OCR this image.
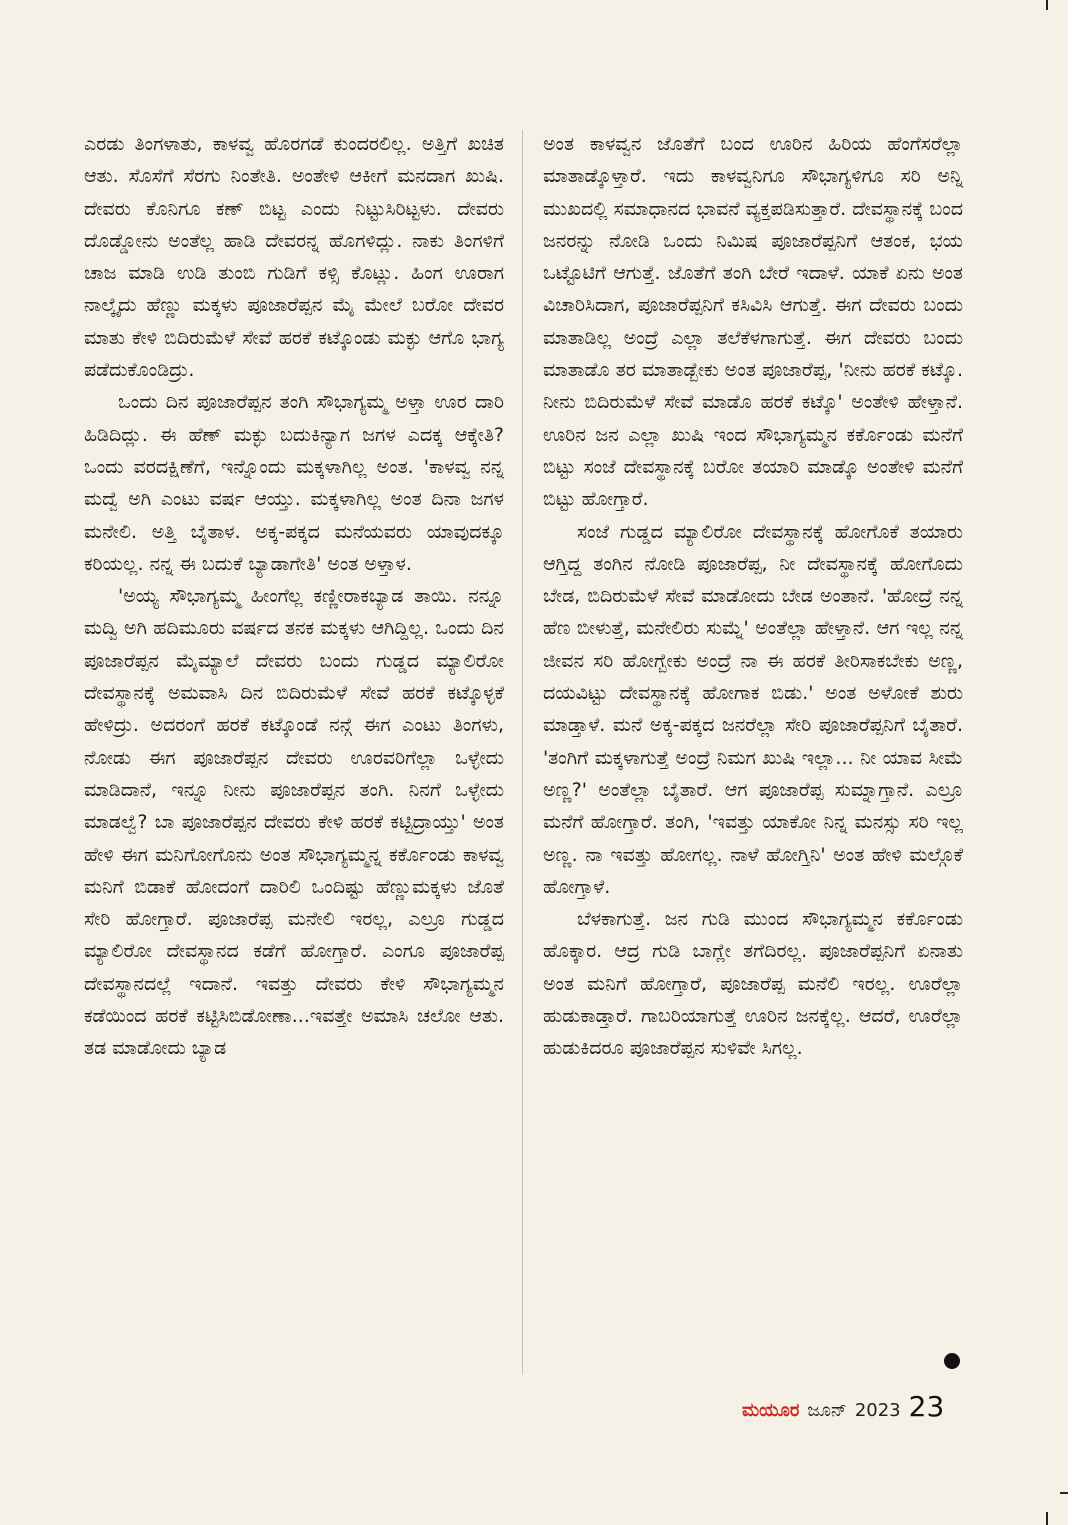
ಎರಡು ತಿಂಗಳಾತು, ಕಾಳವ್ವ ಹೊರಗಡೆ ಕುಂದರಲಿಲ್ಲ. ಅತ್ತಿಗೆ ಖಚಿತ ಆತು. ಸೊಸೆಗೆ ಸೆರಗು ನಿಂತೇತಿ. ಅಂತೇಳಿ ಆಕೀಗೆ ಮನದಾಗ ಖುಷಿ. ದೇವರು ಕೊನಿಗೂ ಕಣ್ ಬಿಟ್ಟ ಎಂದು ನಿಟ್ಟುಸಿರಿಟ್ಟಳು. ದೇವರು ದೊಡ್ಡೋನು ಅಂತೆಲ್ಲ ಹಾಡಿ ದೇವರನ್ನ ಹೊಗಳಿದ್ಲು. ನಾಕು ತಿಂಗಳಿಗೆ ಚಾಜ ಮಾಡಿ ಉಡಿ ತುಂಬಿ ಗುಡಿಗೆ ಕಳ್ಸಿ ಕೊಟ್ಲು. ಹಿಂಗ ಊರಾಗ ನಾಲ್ಕೈದು ಹೆಣ್ಣು ಮಕ್ಕಳು ಪೂಜಾರೆಪ್ಪನ ಮೈ ಮೇಲೆ ಬರೋ ದೇವರ ಮಾತು ಕೇಳಿ ಬಿದಿರುಮೆಳೆ ಸೇವೆ ಹರಕೆ ಕಟ್ಕೊಂಡು ಮಕ್ಳು ಆಗೊ ಭಾಗ್ಯ ಪಡೆದುಕೊಂಡಿದ್ರು.

ಒಂದು ದಿನ ಪೂಜಾರೆಪ್ಪನ ತಂಗಿ ಸೌಭಾಗ್ಯಮ್ಮ ಅಳ್ತಾ ಊರ ದಾರಿ ಹಿಡಿದಿದ್ಲು. ಈ ಹೆಣ್ ಮಕ್ಳು ಬದುಕಿನ್ಯಾಗ ಜಗಳ ಎದಕ್ಕ ಆಕ್ಕೇತಿ? ಒಂದು ವರದಕ್ಷಿಣೆಗೆ, ಇನ್ನೊಂದು ಮಕ್ಕಳಾಗಿಲ್ಲ ಅಂತ. 'ಕಾಳವ್ವ ನನ್ನ ಮದ್ವೆ ಅಗಿ ಎಂಟು ವರ್ಷ ಆಯ್ತು. ಮಕ್ಕಳಾಗಿಲ್ಲ ಅಂತ ದಿನಾ ಜಗಳ ಮನೇಲಿ. ಅತ್ತಿ ಬೈತಾಳ. ಅಕ್ಕ-ಪಕ್ಕದ ಮನೆಯವರು ಯಾವುದಕ್ಕೂ ಕರಿಯಲ್ಲ. ನನ್ನ ಈ ಬದುಕೆ ಬ್ಯಾಡಾಗೇತಿ' ಅಂತ ಅಳ್ತಾಳ.

'ಅಯ್ಯ ಸೌಭಾಗ್ಯಮ್ಮ ಹೀಂಗೆಲ್ಲ ಕಣ್ಣೀರಾಕಬ್ಯಾಡ ತಾಯಿ. ನನ್ನೂ ಮದ್ವಿ ಅಗಿ ಹದಿಮೂರು ವರ್ಷದ ತನಕ ಮಕ್ಕಳು ಆಗಿದ್ದಿಲ್ಲ. ಒಂದು ದಿನ ಪೂಜಾರೆಪ್ಪನ ಮೈಮ್ಯಾಲೆ ದೇವರು ಬಂದು ಗುಡ್ಡದ ಮ್ಯಾಲಿರೋ ದೇವಸ್ಥಾನಕ್ಕೆ ಅಮವಾಸಿ ದಿನ ಬಿದಿರುಮೆಳೆ ಸೇವೆ ಹರಕೆ ಕಟ್ಕೊಳ್ಳಕೆ ಹೇಳಿದ್ರು. ಅದರಂಗೆ ಹರಕೆ ಕಟ್ಕೊಂಡೆ ನನ್ಗೆ ಈಗ ಎಂಟು ತಿಂಗಳು, ನೋಡು ಈಗ ಪೂಜಾರೆಪ್ಪನ ದೇವರು ಊರವರಿಗೆಲ್ಲಾ ಒಳ್ಳೇದು ಮಾಡಿದಾನೆ, ಇನ್ನೂ ನೀನು ಪೂಜಾರೆಪ್ಪನ ತಂಗಿ. ನಿನಗೆ ಒಳ್ಳೇದು ಮಾಡಲ್ವೆ? ಬಾ ಪೂಜಾರೆಪ್ಪನ ದೇವರು ಕೇಳಿ ಹರಕೆ ಕಟ್ಟಿದ್ರಾಯ್ತು' ಅಂತ ಹೇಳಿ ಈಗ ಮನಿಗೋಗೊನು ಅಂತ ಸೌಭಾಗ್ಯಮ್ಮನ್ನ ಕರ್ಕೊಂಡು ಕಾಳವ್ವ ಮನಿಗೆ ಬಿಡಾಕೆ ಹೋದಂಗೆ ದಾರಿಲಿ ಒಂದಿಷ್ಟು ಹೆಣ್ಣುಮಕ್ಕಳು ಜೊತೆ ಸೇರಿ ಹೋಗ್ತಾರೆ. ಪೂಜಾರೆಪ್ಪ ಮನೇಲಿ ಇರಲ್ಲ, ಎಲ್ರೂ ಗುಡ್ಡದ ಮ್ಯಾಲಿರೋ ದೇವಸ್ಥಾನದ ಕಡೆಗೆ ಹೋಗ್ತಾರೆ. ಎಂಗೂ ಪೂಜಾರೆಪ್ಪ ದೇವಸ್ಥಾನದಲ್ಲೆ ಇದಾನೆ. ಇವತ್ತು ದೇವರು ಕೇಳಿ ಸೌಭಾಗ್ಯಮ್ಮನ ಕಡೆಯಿಂದ ಹರಕೆ ಕಟ್ಟಿಸಿಬಿಡೋಣಾ...ಇವತ್ತೇ ಅಮಾಸಿ ಚಲೋ ಆತು. ತಡ ಮಾಡೋದು ಬ್ಯಾಡ

ಅಂತ ಕಾಳವ್ವನ ಜೊತೆಗೆ ಬಂದ ಊರಿನ ಹಿರಿಯ ಹೆಂಗೆಸರೆಲ್ಲಾ ಮಾತಾಡ್ಕೊಳ್ತಾರೆ. ಇದು ಕಾಳವ್ವನಿಗೂ ಸೌಭಾಗ್ಯಳಿಗೂ ಸರಿ ಅನ್ನಿ ಮುಖದಲ್ಲಿ ಸಮಾಧಾನದ ಭಾವನೆ ವ್ಯಕ್ತಪಡಿಸುತ್ತಾರೆ. ದೇವಸ್ಥಾನಕ್ಕೆ ಬಂದ ಜನರನ್ನು ನೋಡಿ ಒಂದು ನಿಮಿಷ ಪೂಜಾರೆಪ್ಪನಿಗೆ ಆತಂಕ, ಭಯ ಒಟ್ಟೊಟಿಗೆ ಆಗುತ್ತೆ. ಜೊತೆಗೆ ತಂಗಿ ಬೇರೆ ಇದಾಳೆ. ಯಾಕೆ ಏನು ಅಂತ ವಿಚಾರಿಸಿದಾಗ, ಪೂಜಾರೆಪ್ಪನಿಗೆ ಕಸಿವಿಸಿ ಆಗುತ್ತೆ. ಈಗ ದೇವರು ಬಂದು ಮಾತಾಡಿಲ್ಲ ಅಂದ್ರೆ ಎಲ್ಲಾ ತಲೆಕೆಳಗಾಗುತ್ತೆ. ಈಗ ದೇವರು ಬಂದು ಮಾತಾಡೊ ತರ ಮಾತಾಡ್ಬೇಕು ಅಂತ ಪೂಜಾರೆಪ್ಪ, 'ನೀನು ಹರಕೆ ಕಟ್ಕೊ. ನೀನು ಬಿದಿರುಮೆಳೆ ಸೇವೆ ಮಾಡೊ ಹರಕೆ ಕಟ್ಕೊ' ಅಂತೇಳಿ ಹೇಳ್ತಾನೆ. ಊರಿನ ಜನ ಎಲ್ಲಾ ಖುಷಿ ಇಂದ ಸೌಭಾಗ್ಯಮ್ಮನ ಕರ್ಕೊಂಡು ಮನೆಗೆ ಬಿಟ್ಟು ಸಂಜೆ ದೇವಸ್ಥಾನಕ್ಕೆ ಬರೋ ತಯಾರಿ ಮಾಡ್ಕೊ ಅಂತೇಳಿ ಮನೆಗೆ ಬಿಟ್ಟು ಹೋಗ್ತಾರೆ.

ಸಂಜೆ ಗುಡ್ಡದ ಮ್ಯಾಲಿರೋ ದೇವಸ್ಥಾನಕ್ಕೆ ಹೋಗೊಕೆ ತಯಾರು ಆಗ್ತಿದ್ದ ತಂಗಿನ ನೋಡಿ ಪೂಜಾರೆಪ್ಪ, ನೀ ದೇವಸ್ಥಾನಕ್ಕೆ ಹೋಗೊದು ಬೇಡ, ಬಿದಿರುಮೆಳೆ ಸೇವೆ ಮಾಡೋದು ಬೇಡ ಅಂತಾನೆ. 'ಹೋದ್ರೆ ನನ್ನ ಹೆಣ ಬೀಳುತ್ತೆ, ಮನೇಲಿರು ಸುಮ್ನೆ' ಅಂತೆಲ್ಲಾ ಹೇಳ್ತಾನೆ. ಆಗ ಇಲ್ಲ ನನ್ನ ಜೀವನ ಸರಿ ಹೋಗ್ಬೇಕು ಅಂದ್ರೆ ನಾ ಈ ಹರಕೆ ತೀರಿಸಾಕಬೇಕು ಅಣ್ಣ, ದಯವಿಟ್ಟು ದೇವಸ್ಥಾನಕ್ಕೆ ಹೋಗಾಕ ಬಿಡು.' ಅಂತ ಅಳೋಕೆ ಶುರು ಮಾಡ್ತಾಳೆ. ಮನೆ ಅಕ್ಕ-ಪಕ್ಕದ ಜನರೆಲ್ಲಾ ಸೇರಿ ಪೂಜಾರೆಪ್ಪನಿಗೆ ಬೈತಾರೆ. 'ತಂಗಿಗೆ ಮಕ್ಕಳಾಗುತ್ತೆ ಅಂದ್ರೆ ನಿಮಗ ಖುಷಿ ಇಲ್ಲಾ... ನೀ ಯಾವ ಸೀಮೆ ಅಣ್ಣ?' ಅಂತೆಲ್ಲಾ ಬೈತಾರೆ. ಆಗ ಪೂಜಾರೆಪ್ಪ ಸುಮ್ನಾಗ್ತಾನೆ. ಎಲ್ರೂ ಮನೆಗೆ ಹೋಗ್ತಾರೆ. ತಂಗಿ, 'ಇವತ್ತು ಯಾಕೋ ನಿನ್ನ ಮನಸ್ಸು ಸರಿ ಇಲ್ಲ ಅಣ್ಣ. ನಾ ಇವತ್ತು ಹೋಗಲ್ಲ. ನಾಳೆ ಹೋಗ್ತಿನಿ' ಅಂತ ಹೇಳಿ ಮಲ್ಗೊಕೆ ಹೋಗ್ತಾಳೆ.

ಬೆಳಕಾಗುತ್ತೆ. ಜನ ಗುಡಿ ಮುಂದ ಸೌಭಾಗ್ಯಮ್ಮನ ಕರ್ಕೊಂಡು ಹೊಕ್ಕಾರ. ಆದ್ರ ಗುಡಿ ಬಾಗ್ಲೇ ತಗೆದಿರಲ್ಲ. ಪೂಜಾರೆಪ್ಪನಿಗೆ ಏನಾತು ಅಂತ ಮನಿಗೆ ಹೋಗ್ತಾರೆ, ಪೂಜಾರೆಪ್ಪ ಮನೆಲಿ ಇರಲ್ಲ. ಊರೆಲ್ಲಾ ಹುಡುಕಾಡ್ತಾರೆ. ಗಾಬರಿಯಾಗುತ್ತೆ ಊರಿನ ಜನಕ್ಕೆಲ್ಲ. ಆದರೆ, ಊರೆಲ್ಲಾ ಹುಡುಕಿದರೂ ಪೂಜಾರೆಪ್ಪನ ಸುಳಿವೇ ಸಿಗಲ್ಲ.

ಮಯೂರ ಜೂನ್ 2023 23
